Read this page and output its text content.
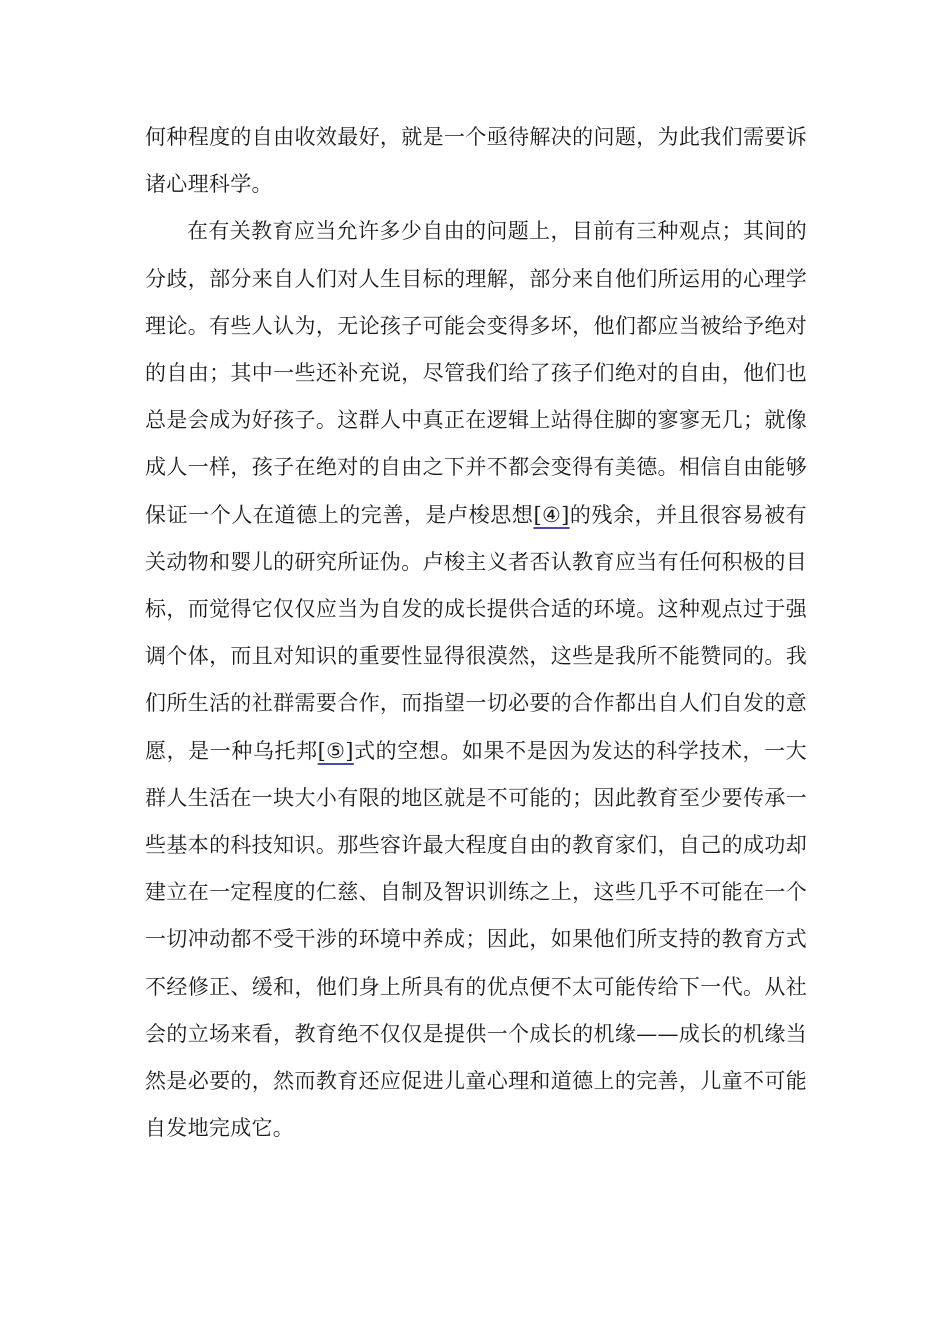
何种程度的自由收效最好，就是一个亟待解决的问题，为此我们需要诉诸心理科学。

在有关教育应当允许多少自由的问题上，目前有三种观点；其间的分歧，部分来自人们对人生目标的理解，部分来自他们所运用的心理学理论。有些人认为，无论孩子可能会变得多坏，他们都应当被给予绝对的自由；其中一些还补充说，尽管我们给了孩子们绝对的自由，他们也总是会成为好孩子。这群人中真正在逻辑上站得住脚的寥寥无几；就像成人一样，孩子在绝对的自由之下并不都会变得有美德。相信自由能够保证一个人在道德上的完善，是卢梭思想[④]的残余，并且很容易被有关动物和婴儿的研究所证伪。卢梭主义者否认教育应当有任何积极的目标，而觉得它仅仅应当为自发的成长提供合适的环境。这种观点过于强调个体，而且对知识的重要性显得很漠然，这些是我所不能赞同的。我们所生活的社群需要合作，而指望一切必要的合作都出自人们自发的意愿，是一种乌托邦[⑤]式的空想。如果不是因为发达的科学技术，一大群人生活在一块大小有限的地区就是不可能的；因此教育至少要传承一些基本的科技知识。那些容许最大程度自由的教育家们，自己的成功却建立在一定程度的仁慈、自制及智识训练之上，这些几乎不可能在一个一切冲动都不受干涉的环境中养成；因此，如果他们所支持的教育方式不经修正、缓和，他们身上所具有的优点便不太可能传给下一代。从社会的立场来看，教育绝不仅仅是提供一个成长的机缘——成长的机缘当然是必要的，然而教育还应促进儿童心理和道德上的完善，儿童不可能自发地完成它。
